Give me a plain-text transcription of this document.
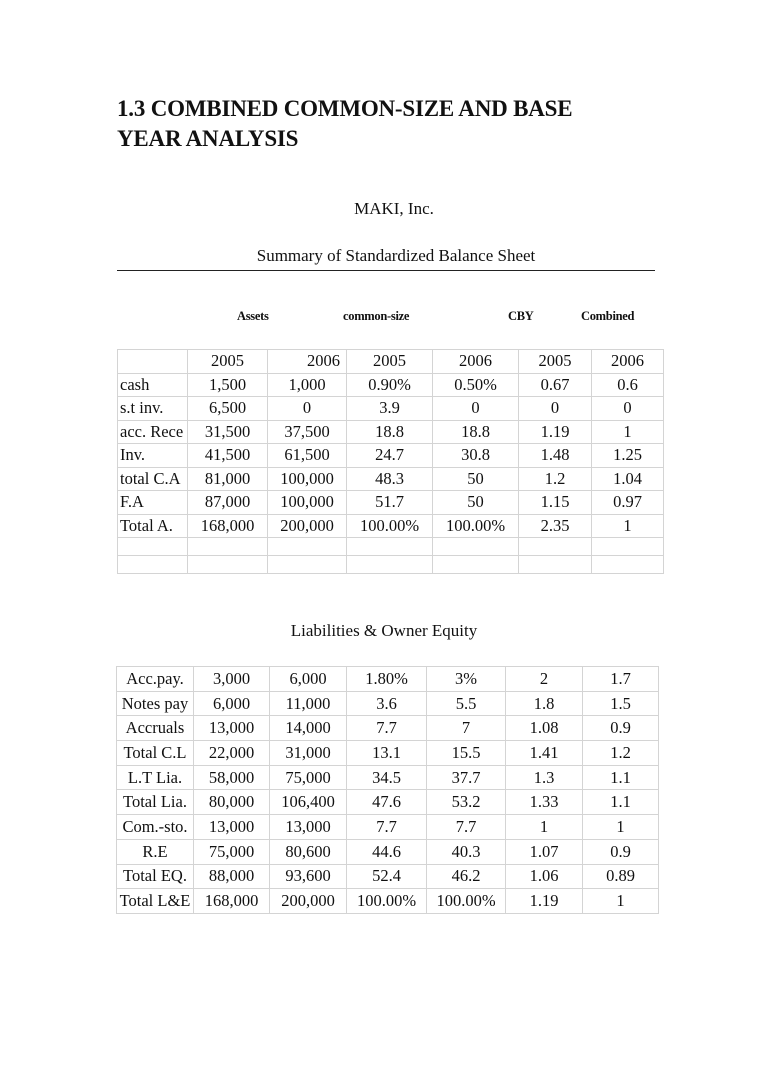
1.3 COMBINED COMMON-SIZE AND BASE YEAR ANALYSIS
MAKI, Inc.
Summary of Standardized Balance Sheet
Assets	common-size	CBY	Combined
	2005	2006	2005	2006	2005	2006
cash	1,500	1,000	0.90%	0.50%	0.67	0.6
s.t inv.	6,500	0	3.9	0	0	0
acc. Rece	31,500	37,500	18.8	18.8	1.19	1
Inv.	41,500	61,500	24.7	30.8	1.48	1.25
total C.A	81,000	100,000	48.3	50	1.2	1.04
F.A	87,000	100,000	51.7	50	1.15	0.97
Total A.	168,000	200,000	100.00%	100.00%	2.35	1

Liabilities & Owner Equity
Acc.pay.	3,000	6,000	1.80%	3%	2	1.7
Notes pay	6,000	11,000	3.6	5.5	1.8	1.5
Accruals	13,000	14,000	7.7	7	1.08	0.9
Total C.L	22,000	31,000	13.1	15.5	1.41	1.2
L.T Lia.	58,000	75,000	34.5	37.7	1.3	1.1
Total Lia.	80,000	106,400	47.6	53.2	1.33	1.1
Com.-sto.	13,000	13,000	7.7	7.7	1	1
R.E	75,000	80,600	44.6	40.3	1.07	0.9
Total EQ.	88,000	93,600	52.4	46.2	1.06	0.89
Total L&E	168,000	200,000	100.00%	100.00%	1.19	1
